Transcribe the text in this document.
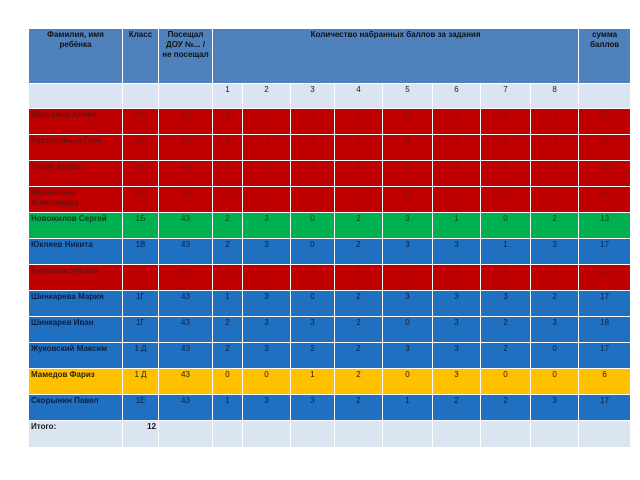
Фамилия, имя ребёнка	Класс	Посещал ДОУ №... / не посещал	Количество набранных баллов за задания								сумма баллов
			1	2	3	4	5	6	7	8	
Макухина Алина	1А	43	2	3	3	3	3	3	3	3	23
Растопченко Глеб	1А	43	3	3	3	3	3	3	3	3	24
Тупик Алина	1А	43	2	1	3	3	3	3	2	3	20
Мясникова Александра	1Б	43	2	3	3	3	3	3	3	3	23
Новожилов Сергей	1Б	43	2	3	0	2	3	1	0	2	13
Юкляев Никита	1В	43	2	3	0	2	3	3	1	3	17
Буганова Ульяна	1Г	43	2	3	3	3	3	3	3	3	23
Шинкарева Мария	1Г	43	1	3	0	2	3	3	3	2	17
Шинкарев Иван	1Г	43	2	3	3	2	0	3	2	3	18
Жуковский Максим	1 Д	43	2	3	2	2	3	3	2	0	17
Мамедов Фариз	1 Д	43	0	0	1	2	0	3	0	0	6
Скорынин Павел	1Е	43	1	3	3	2	1	2	2	3	17
Итого:	12										
